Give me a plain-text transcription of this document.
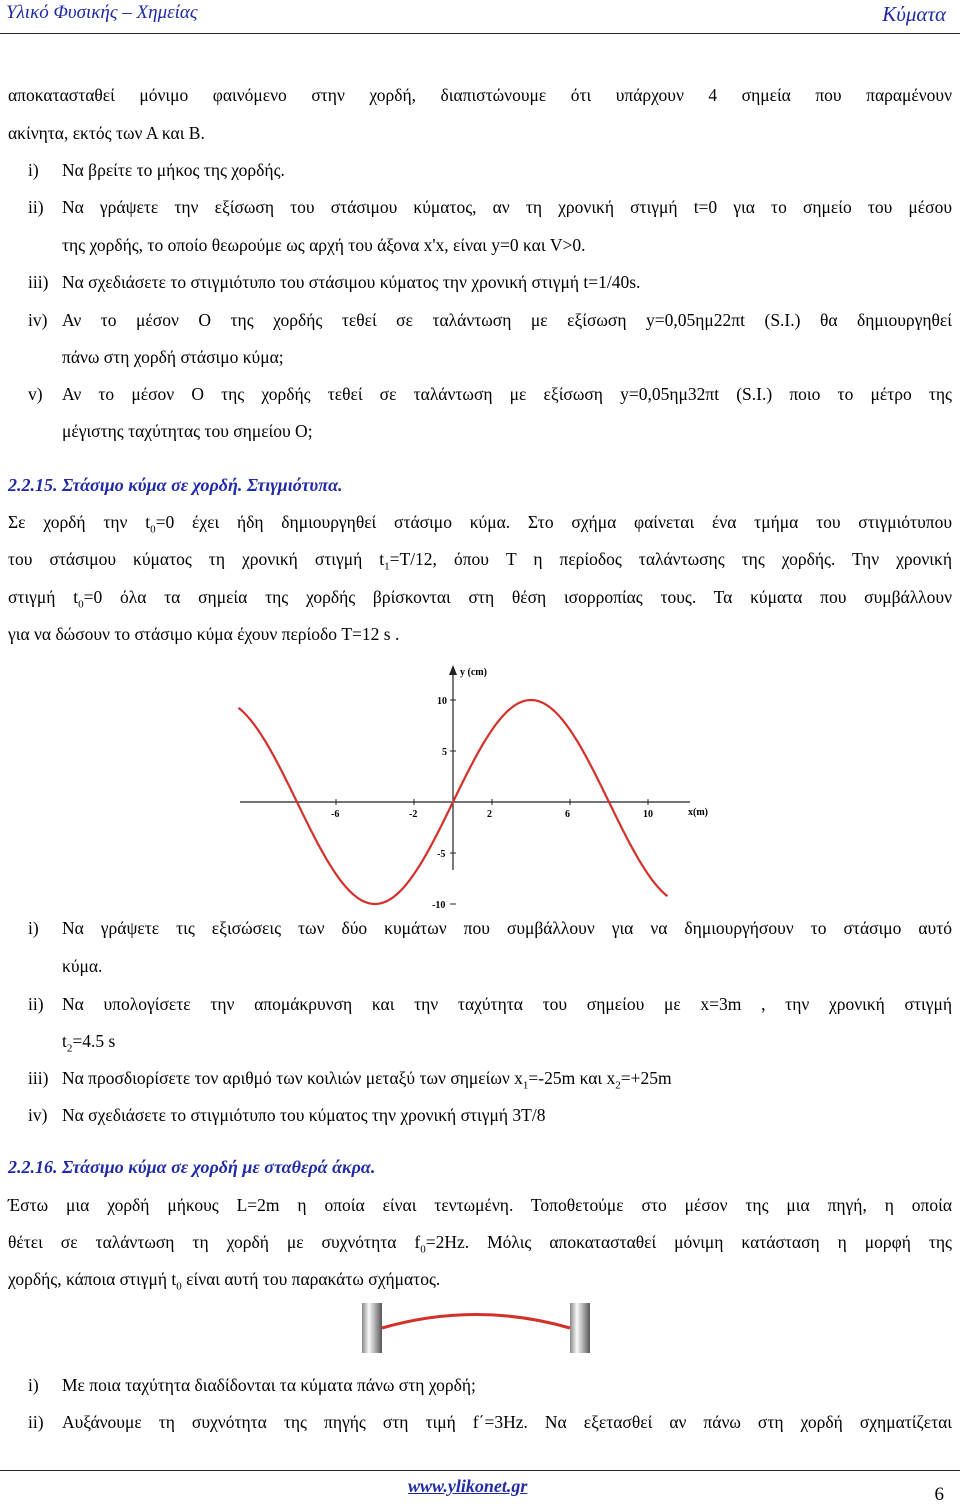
Υλικό Φυσικής – Χημείας	Κύματα
αποκατασταθεί μόνιμο φαινόμενο στην χορδή, διαπιστώνουμε ότι υπάρχουν 4 σημεία που παραμένουν
ακίνητα, εκτός των Α και Β.
i) Να βρείτε το μήκος της χορδής.
ii) Να γράψετε την εξίσωση του στάσιμου κύματος, αν τη χρονική στιγμή t=0 για το σημείο του μέσου
της χορδής, το οποίο θεωρούμε ως αρχή του άξονα x'x, είναι y=0 και V>0.
iii) Να σχεδιάσετε το στιγμιότυπο του στάσιμου κύματος την χρονική στιγμή t=1/40s.
iv) Αν το μέσον Ο της χορδής τεθεί σε ταλάντωση με εξίσωση y=0,05ημ22πt (S.I.) θα δημιουργηθεί
πάνω στη χορδή στάσιμο κύμα;
v) Αν το μέσον Ο της χορδής τεθεί σε ταλάντωση με εξίσωση y=0,05ημ32πt (S.I.) ποιο το μέτρο της
μέγιστης ταχύτητας του σημείου Ο;
2.2.15. Στάσιμο κύμα σε χορδή. Στιγμιότυπα.
Σε χορδή την $t_0=0$ έχει ήδη δημιουργηθεί στάσιμο κύμα. Στο σχήμα φαίνεται ένα τμήμα του στιγμιότυπου
του στάσιμου κύματος τη χρονική στιγμή $t_1=T/12$, όπου T η περίοδος ταλάντωσης της χορδής. Την χρονική
στιγμή $t_0=0$ όλα τα σημεία της χορδής βρίσκονται στη θέση ισορροπίας τους. Τα κύματα που συμβάλλουν
για να δώσουν το στάσιμο κύμα έχουν περίοδο T=12 s .
y (cm)
x(m)
-6	-2	2	6	10
10
5
-5
-10
i) Να γράψετε τις εξισώσεις των δύο κυμάτων που συμβάλλουν για να δημιουργήσουν το στάσιμο αυτό
κύμα.
ii) Να υπολογίσετε την απομάκρυνση και την ταχύτητα του σημείου με x=3m , την χρονική στιγμή
$t_2=4.5$ s
iii) Να προσδιορίσετε τον αριθμό των κοιλιών μεταξύ των σημείων $x_1=-25m$ και $x_2=+25m$
iv) Να σχεδιάσετε το στιγμιότυπο του κύματος την χρονική στιγμή 3T/8
2.2.16. Στάσιμο κύμα σε χορδή με σταθερά άκρα.
Έστω μια χορδή μήκους L=2m η οποία είναι τεντωμένη. Τοποθετούμε στο μέσον της μια πηγή, η οποία
θέτει σε ταλάντωση τη χορδή με συχνότητα $f_0=2Hz$. Μόλις αποκατασταθεί μόνιμη κατάσταση η μορφή της
χορδής, κάποια στιγμή $t_0$ είναι αυτή του παρακάτω σχήματος.
i) Με ποια ταχύτητα διαδίδονται τα κύματα πάνω στη χορδή;
ii) Αυξάνουμε τη συχνότητα της πηγής στη τιμή f΄=3Hz. Να εξετασθεί αν πάνω στη χορδή σχηματίζεται
www.ylikonet.gr	6
